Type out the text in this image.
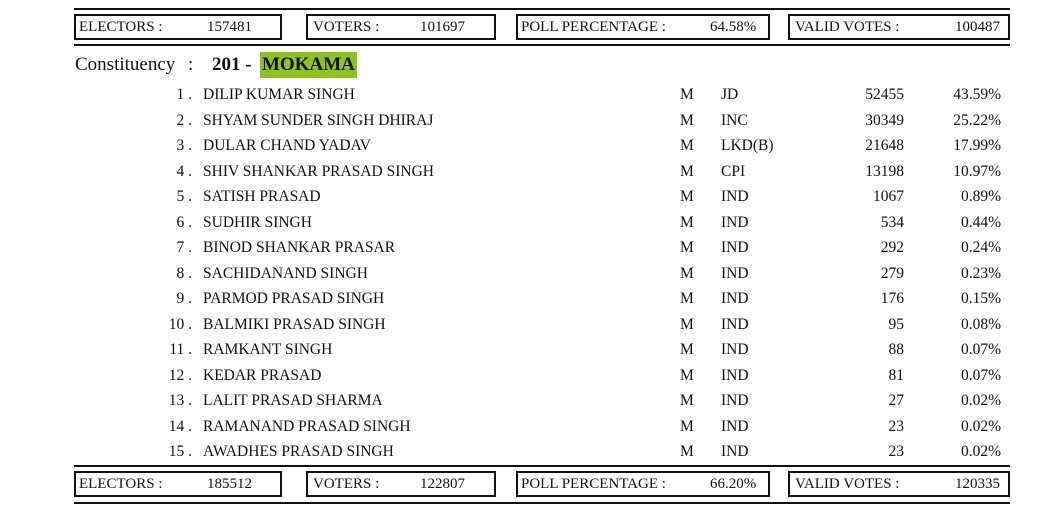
ELECTORS :	157481	VOTERS :	101697	POLL PERCENTAGE :	64.58%	VALID VOTES :	100487
Constituency : 201 - MOKAMA
1 . DILIP KUMAR SINGH	M JD	52455	43.59%
2 . SHYAM SUNDER SINGH DHIRAJ	M INC	30349	25.22%
3 . DULAR CHAND YADAV	M LKD(B)	21648	17.99%
4 . SHIV SHANKAR PRASAD SINGH	M CPI	13198	10.97%
5 . SATISH PRASAD	M IND	1067	0.89%
6 . SUDHIR SINGH	M IND	534	0.44%
7 . BINOD SHANKAR PRASAR	M IND	292	0.24%
8 . SACHIDANAND SINGH	M IND	279	0.23%
9 . PARMOD PRASAD SINGH	M IND	176	0.15%
10 . BALMIKI PRASAD SINGH	M IND	95	0.08%
11 . RAMKANT SINGH	M IND	88	0.07%
12 . KEDAR PRASAD	M IND	81	0.07%
13 . LALIT PRASAD SHARMA	M IND	27	0.02%
14 . RAMANAND PRASAD SINGH	M IND	23	0.02%
15 . AWADHES PRASAD SINGH	M IND	23	0.02%
ELECTORS :	185512	VOTERS :	122807	POLL PERCENTAGE :	66.20%	VALID VOTES :	120335
